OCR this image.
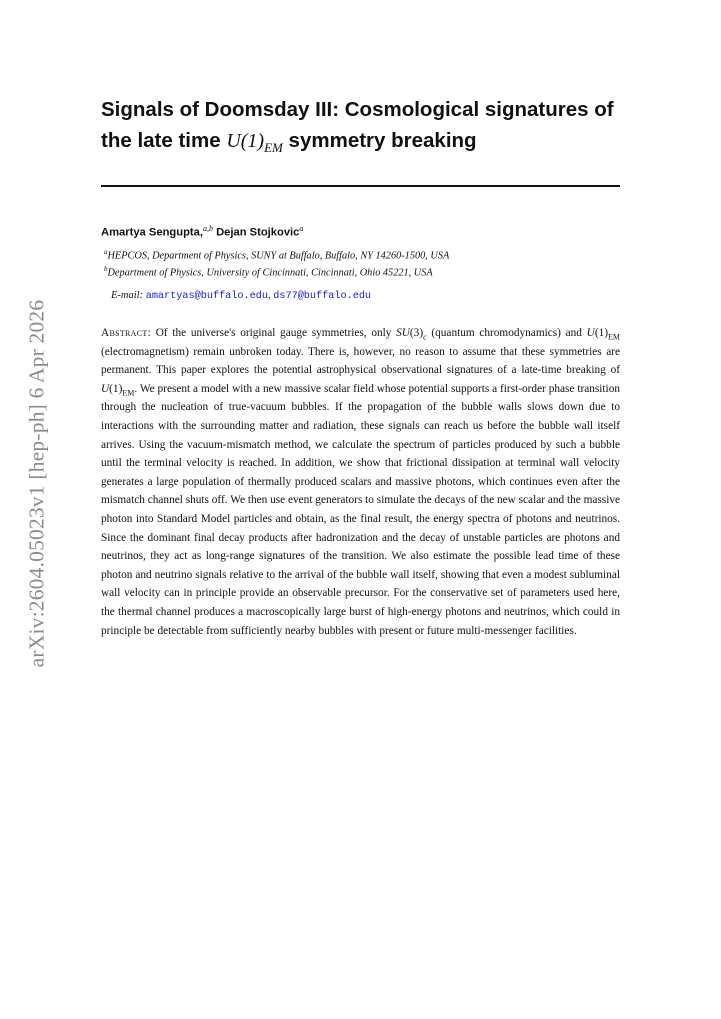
arXiv:2604.05023v1 [hep-ph] 6 Apr 2026
Signals of Doomsday III: Cosmological signatures of the late time $U(1)_{EM}$ symmetry breaking
Amartya Sengupta,$^{a,b}$ Dejan Stojkovic$^a$
$^a$HEPCOS, Department of Physics, SUNY at Buffalo, Buffalo, NY 14260-1500, USA
$^b$Department of Physics, University of Cincinnati, Cincinnati, Ohio 45221, USA
E-mail: amartyas@buffalo.edu, ds77@buffalo.edu
Abstract: Of the universe's original gauge symmetries, only $SU(3)_c$ (quantum chromodynamics) and $U(1)_{EM}$ (electromagnetism) remain unbroken today. There is, however, no reason to assume that these symmetries are permanent. This paper explores the potential astrophysical observational signatures of a late-time breaking of $U(1)_{EM}$. We present a model with a new massive scalar field whose potential supports a first-order phase transition through the nucleation of true-vacuum bubbles. If the propagation of the bubble walls slows down due to interactions with the surrounding matter and radiation, these signals can reach us before the bubble wall itself arrives. Using the vacuum-mismatch method, we calculate the spectrum of particles produced by such a bubble until the terminal velocity is reached. In addition, we show that frictional dissipation at terminal wall velocity generates a large population of thermally produced scalars and massive photons, which continues even after the mismatch channel shuts off. We then use event generators to simulate the decays of the new scalar and the massive photon into Standard Model particles and obtain, as the final result, the energy spectra of photons and neutrinos. Since the dominant final decay products after hadronization and the decay of unstable particles are photons and neutrinos, they act as long-range signatures of the transition. We also estimate the possible lead time of these photon and neutrino signals relative to the arrival of the bubble wall itself, showing that even a modest subluminal wall velocity can in principle provide an observable precursor. For the conservative set of parameters used here, the thermal channel produces a macroscopically large burst of high-energy photons and neutrinos, which could in principle be detectable from sufficiently nearby bubbles with present or future multi-messenger facilities.
